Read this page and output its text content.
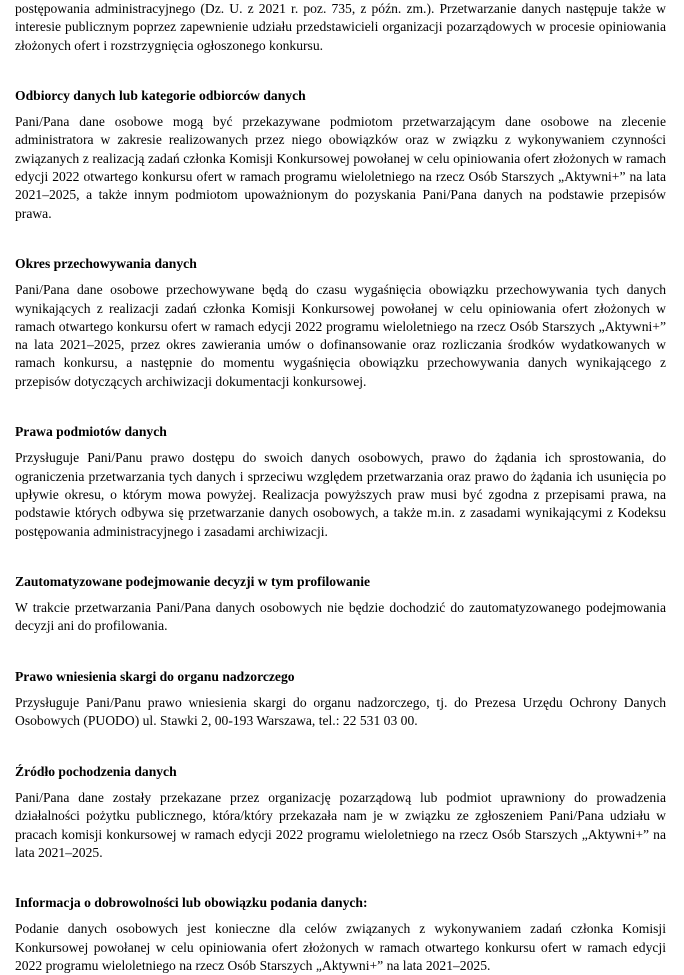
postępowania administracyjnego (Dz. U. z 2021 r. poz. 735, z późn. zm.). Przetwarzanie danych następuje także w interesie publicznym poprzez zapewnienie udziału przedstawicieli organizacji pozarządowych w procesie opiniowania złożonych ofert i rozstrzygnięcia ogłoszonego konkursu.

Odbiorcy danych lub kategorie odbiorców danych

Pani/Pana dane osobowe mogą być przekazywane podmiotom przetwarzającym dane osobowe na zlecenie administratora w zakresie realizowanych przez niego obowiązków oraz w związku z wykonywaniem czynności związanych z realizacją zadań członka Komisji Konkursowej powołanej w celu opiniowania ofert złożonych w ramach edycji 2022 otwartego konkursu ofert w ramach programu wieloletniego na rzecz Osób Starszych „Aktywni+” na lata 2021–2025, a także innym podmiotom upoważnionym do pozyskania Pani/Pana danych na podstawie przepisów prawa.

Okres przechowywania danych

Pani/Pana dane osobowe przechowywane będą do czasu wygaśnięcia obowiązku przechowywania tych danych wynikających z realizacji zadań członka Komisji Konkursowej powołanej w celu opiniowania ofert złożonych w ramach otwartego konkursu ofert w ramach edycji 2022 programu wieloletniego na rzecz Osób Starszych „Aktywni+” na lata 2021–2025, przez okres zawierania umów o dofinansowanie oraz rozliczania środków wydatkowanych w ramach konkursu, a następnie do momentu wygaśnięcia obowiązku przechowywania danych wynikającego z przepisów dotyczących archiwizacji dokumentacji konkursowej.

Prawa podmiotów danych

Przysługuje Pani/Panu prawo dostępu do swoich danych osobowych, prawo do żądania ich sprostowania, do ograniczenia przetwarzania tych danych i sprzeciwu względem przetwarzania oraz prawo do żądania ich usunięcia po upływie okresu, o którym mowa powyżej. Realizacja powyższych praw musi być zgodna z przepisami prawa, na podstawie których odbywa się przetwarzanie danych osobowych, a także m.in. z zasadami wynikającymi z Kodeksu postępowania administracyjnego i zasadami archiwizacji.

Zautomatyzowane podejmowanie decyzji w tym profilowanie

W trakcie przetwarzania Pani/Pana danych osobowych nie będzie dochodzić do zautomatyzowanego podejmowania decyzji ani do profilowania.

Prawo wniesienia skargi do organu nadzorczego

Przysługuje Pani/Panu prawo wniesienia skargi do organu nadzorczego, tj. do Prezesa Urzędu Ochrony Danych Osobowych (PUODO) ul. Stawki 2, 00-193 Warszawa, tel.: 22 531 03 00.

Źródło pochodzenia danych

Pani/Pana dane zostały przekazane przez organizację pozarządową lub podmiot uprawniony do prowadzenia działalności pożytku publicznego, która/który przekazała nam je w związku ze zgłoszeniem Pani/Pana udziału w pracach komisji konkursowej w ramach edycji 2022 programu wieloletniego na rzecz Osób Starszych „Aktywni+” na lata 2021–2025.

Informacja o dobrowolności lub obowiązku podania danych:

Podanie danych osobowych jest konieczne dla celów związanych z wykonywaniem zadań członka Komisji Konkursowej powołanej w celu opiniowania ofert złożonych w ramach otwartego konkursu ofert w ramach edycji 2022 programu wieloletniego na rzecz Osób Starszych „Aktywni+” na lata 2021–2025.
